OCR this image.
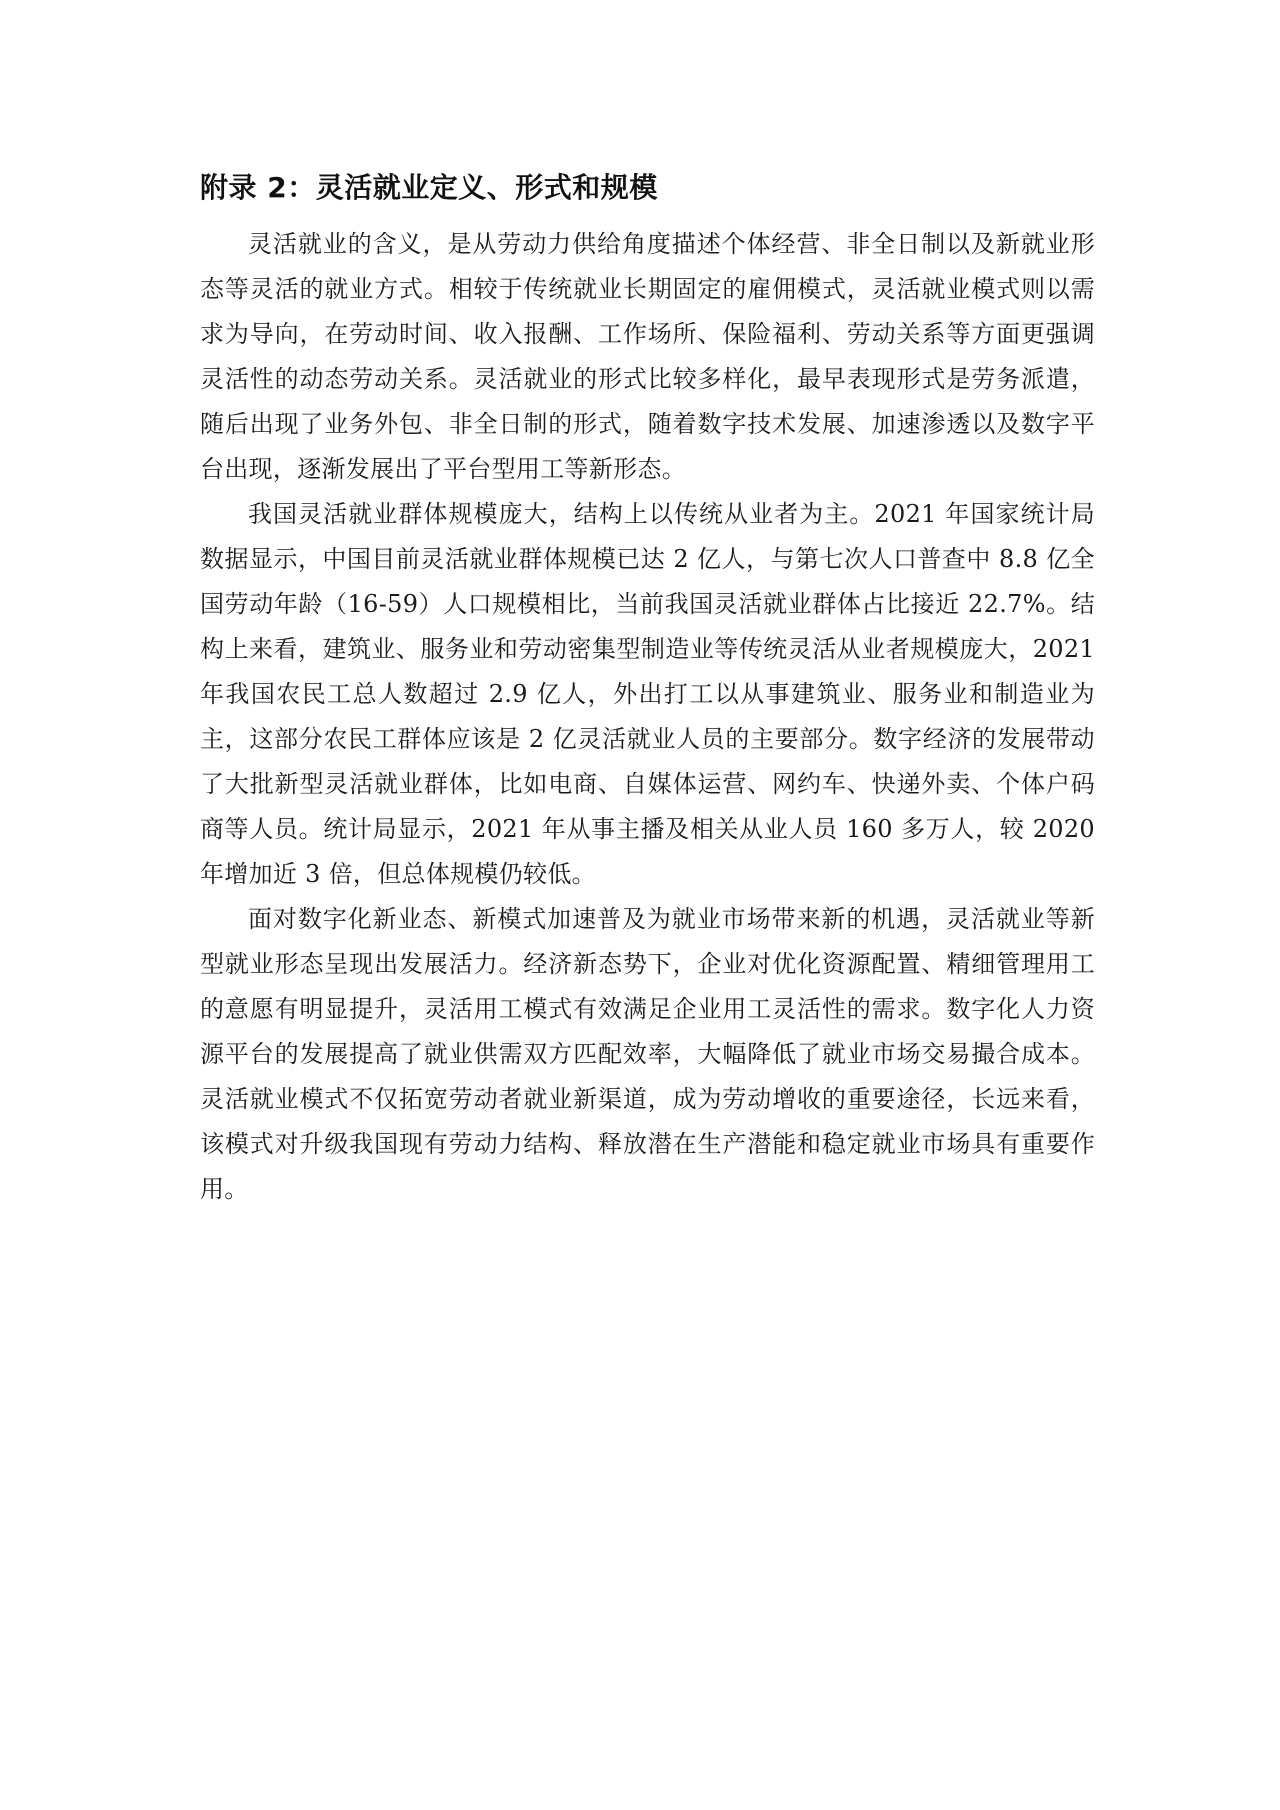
附录 2：灵活就业定义、形式和规模

灵活就业的含义，是从劳动力供给角度描述个体经营、非全日制以及新就业形态等灵活的就业方式。相较于传统就业长期固定的雇佣模式，灵活就业模式则以需求为导向，在劳动时间、收入报酬、工作场所、保险福利、劳动关系等方面更强调灵活性的动态劳动关系。灵活就业的形式比较多样化，最早表现形式是劳务派遣，随后出现了业务外包、非全日制的形式，随着数字技术发展、加速渗透以及数字平台出现，逐渐发展出了平台型用工等新形态。

我国灵活就业群体规模庞大，结构上以传统从业者为主。2021 年国家统计局数据显示，中国目前灵活就业群体规模已达 2 亿人，与第七次人口普查中 8.8 亿全国劳动年龄（16-59）人口规模相比，当前我国灵活就业群体占比接近 22.7%。结构上来看，建筑业、服务业和劳动密集型制造业等传统灵活从业者规模庞大，2021 年我国农民工总人数超过 2.9 亿人，外出打工以从事建筑业、服务业和制造业为主，这部分农民工群体应该是 2 亿灵活就业人员的主要部分。数字经济的发展带动了大批新型灵活就业群体，比如电商、自媒体运营、网约车、快递外卖、个体户码商等人员。统计局显示，2021 年从事主播及相关从业人员 160 多万人，较 2020 年增加近 3 倍，但总体规模仍较低。

面对数字化新业态、新模式加速普及为就业市场带来新的机遇，灵活就业等新型就业形态呈现出发展活力。经济新态势下，企业对优化资源配置、精细管理用工的意愿有明显提升，灵活用工模式有效满足企业用工灵活性的需求。数字化人力资源平台的发展提高了就业供需双方匹配效率，大幅降低了就业市场交易撮合成本。灵活就业模式不仅拓宽劳动者就业新渠道，成为劳动增收的重要途径，长远来看，该模式对升级我国现有劳动力结构、释放潜在生产潜能和稳定就业市场具有重要作用。
